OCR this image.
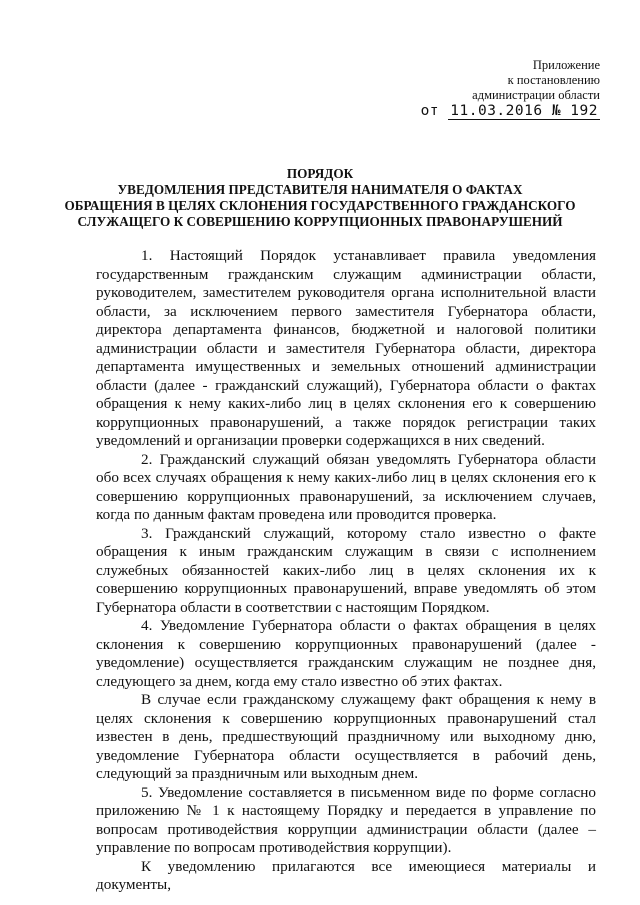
Приложение
к постановлению
администрации области
от 11.03.2016 № 192
ПОРЯДОК
УВЕДОМЛЕНИЯ ПРЕДСТАВИТЕЛЯ НАНИМАТЕЛЯ О ФАКТАХ
ОБРАЩЕНИЯ В ЦЕЛЯХ СКЛОНЕНИЯ ГОСУДАРСТВЕННОГО ГРАЖДАНСКОГО
СЛУЖАЩЕГО К СОВЕРШЕНИЮ КОРРУПЦИОННЫХ ПРАВОНАРУШЕНИЙ

1. Настоящий Порядок устанавливает правила уведомления государственным гражданским служащим администрации области, руководителем, заместителем руководителя органа исполнительной власти области, за исключением первого заместителя Губернатора области, директора департамента финансов, бюджетной и налоговой политики администрации области и заместителя Губернатора области, директора департамента имущественных и земельных отношений администрации области (далее - гражданский служащий), Губернатора области о фактах обращения к нему каких-либо лиц в целях склонения его к совершению коррупционных правонарушений, а также порядок регистрации таких уведомлений и организации проверки содержащихся в них сведений.

2. Гражданский служащий обязан уведомлять Губернатора области обо всех случаях обращения к нему каких-либо лиц в целях склонения его к совершению коррупционных правонарушений, за исключением случаев, когда по данным фактам проведена или проводится проверка.

3. Гражданский служащий, которому стало известно о факте обращения к иным гражданским служащим в связи с исполнением служебных обязанностей каких-либо лиц в целях склонения их к совершению коррупционных правонарушений, вправе уведомлять об этом Губернатора области в соответствии с настоящим Порядком.

4. Уведомление Губернатора области о фактах обращения в целях склонения к совершению коррупционных правонарушений (далее - уведомление) осуществляется гражданским служащим не позднее дня, следующего за днем, когда ему стало известно об этих фактах.

В случае если гражданскому служащему факт обращения к нему в целях склонения к совершению коррупционных правонарушений стал известен в день, предшествующий праздничному или выходному дню, уведомление Губернатора области осуществляется в рабочий день, следующий за праздничным или выходным днем.

5. Уведомление составляется в письменном виде по форме согласно приложению № 1 к настоящему Порядку и передается в управление по вопросам противодействия коррупции администрации области (далее – управление по вопросам противодействия коррупции).

К уведомлению прилагаются все имеющиеся материалы и документы,
